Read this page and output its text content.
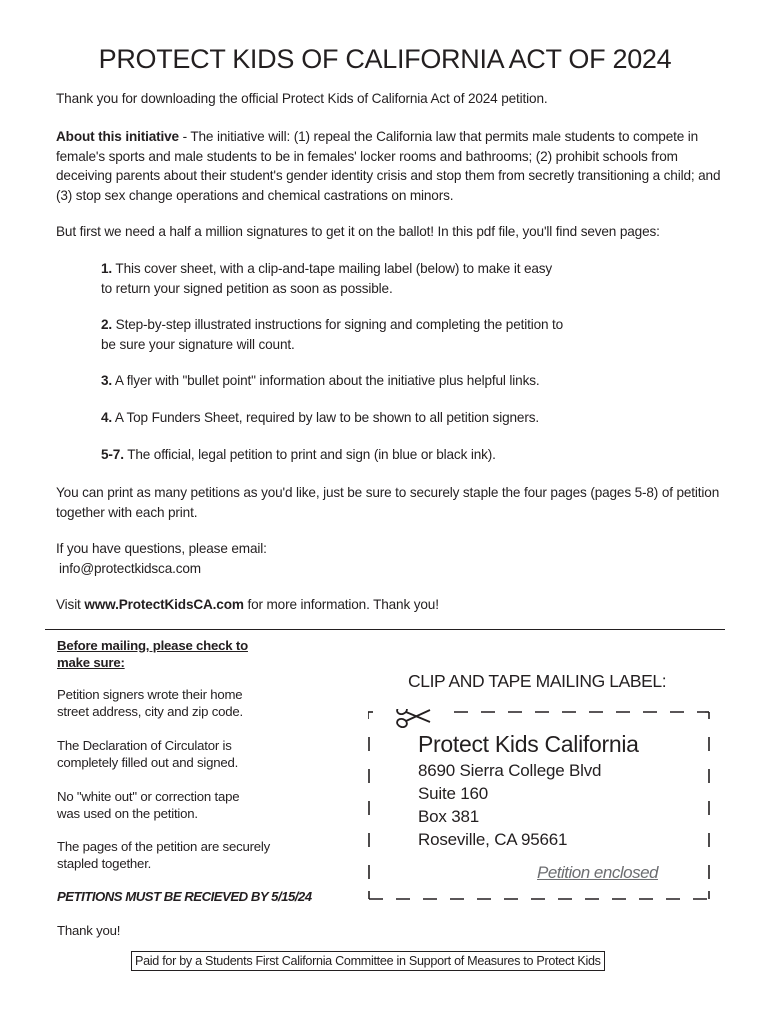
PROTECT KIDS OF CALIFORNIA ACT OF 2024
Thank you for downloading the official Protect Kids of California Act of 2024 petition.
About this initiative - The initiative will: (1) repeal the California law that permits male students to compete in female's sports and male students to be in females' locker rooms and bathrooms; (2) prohibit schools from deceiving parents about their student's gender identity crisis and stop them from secretly transitioning a child; and (3) stop sex change operations and chemical castrations on minors.
But first we need a half a million signatures to get it on the ballot! In this pdf file, you'll find seven pages:
1. This cover sheet, with a clip-and-tape mailing label (below) to make it easy
to return your signed petition as soon as possible.
2. Step-by-step illustrated instructions for signing and completing the petition to
be sure your signature will count.
3. A flyer with "bullet point" information about the initiative plus helpful links.
4. A Top Funders Sheet, required by law to be shown to all petition signers.
5-7. The official, legal petition to print and sign (in blue or black ink).
You can print as many petitions as you'd like, just be sure to securely staple the four pages (pages 5-8) of petition together with each print.
If you have questions, please email:
info@protectkidsca.com
Visit www.ProtectKidsCA.com for more information. Thank you!
Before mailing, please check to
make sure:
Petition signers wrote their home
street address, city and zip code.
The Declaration of Circulator is
completely filled out and signed.
No "white out" or correction tape
was used on the petition.
The pages of the petition are securely
stapled together.
PETITIONS MUST BE RECIEVED BY 5/15/24
Thank you!
CLIP AND TAPE MAILING LABEL:
Protect Kids California
8690 Sierra College Blvd
Suite 160
Box 381
Roseville, CA 95661
Petition enclosed
Paid for by a Students First California Committee in Support of Measures to Protect Kids
